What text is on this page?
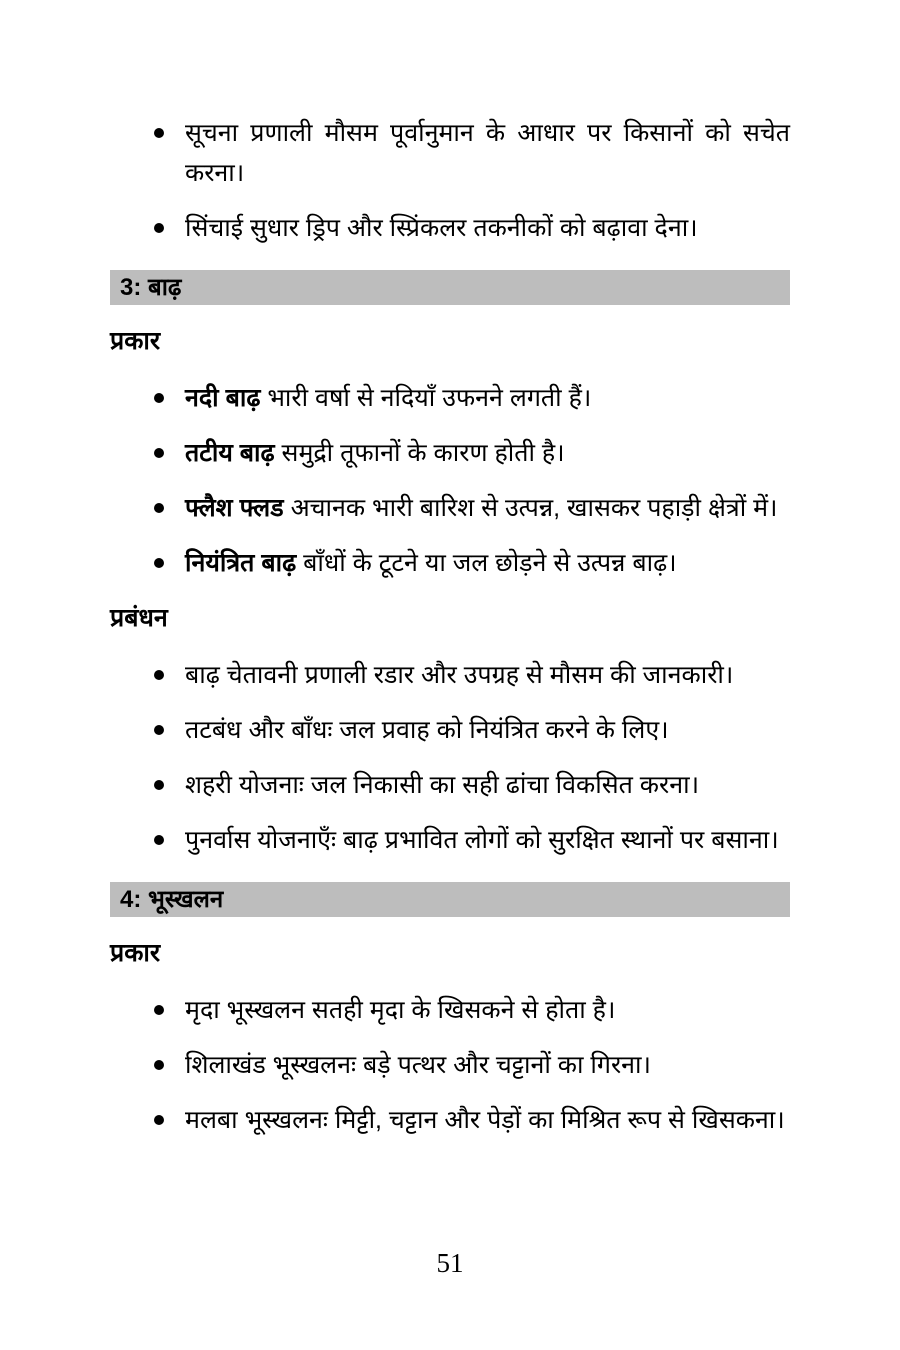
सूचना प्रणाली मौसम पूर्वानुमान के आधार पर किसानों को सचेत करना।
सिंचाई सुधार ड्रिप और स्प्रिंकलर तकनीकों को बढ़ावा देना।
3: बाढ़
प्रकार
नदी बाढ़ भारी वर्षा से नदियाँ उफनने लगती हैं।
तटीय बाढ़ समुद्री तूफानों के कारण होती है।
फ्लैश फ्लड अचानक भारी बारिश से उत्पन्न, खासकर पहाड़ी क्षेत्रों में।
नियंत्रित बाढ़ बाँधों के टूटने या जल छोड़ने से उत्पन्न बाढ़।
प्रबंधन
बाढ़ चेतावनी प्रणाली रडार और उपग्रह से मौसम की जानकारी।
तटबंध और बाँधः जल प्रवाह को नियंत्रित करने के लिए।
शहरी योजनाः जल निकासी का सही ढांचा विकसित करना।
पुनर्वास योजनाएँः बाढ़ प्रभावित लोगों को सुरक्षित स्थानों पर बसाना।
4: भूस्खलन
प्रकार
मृदा भूस्खलन सतही मृदा के खिसकने से होता है।
शिलाखंड भूस्खलनः बड़े पत्थर और चट्टानों का गिरना।
मलबा भूस्खलनः मिट्टी, चट्टान और पेड़ों का मिश्रित रूप से खिसकना।
51
